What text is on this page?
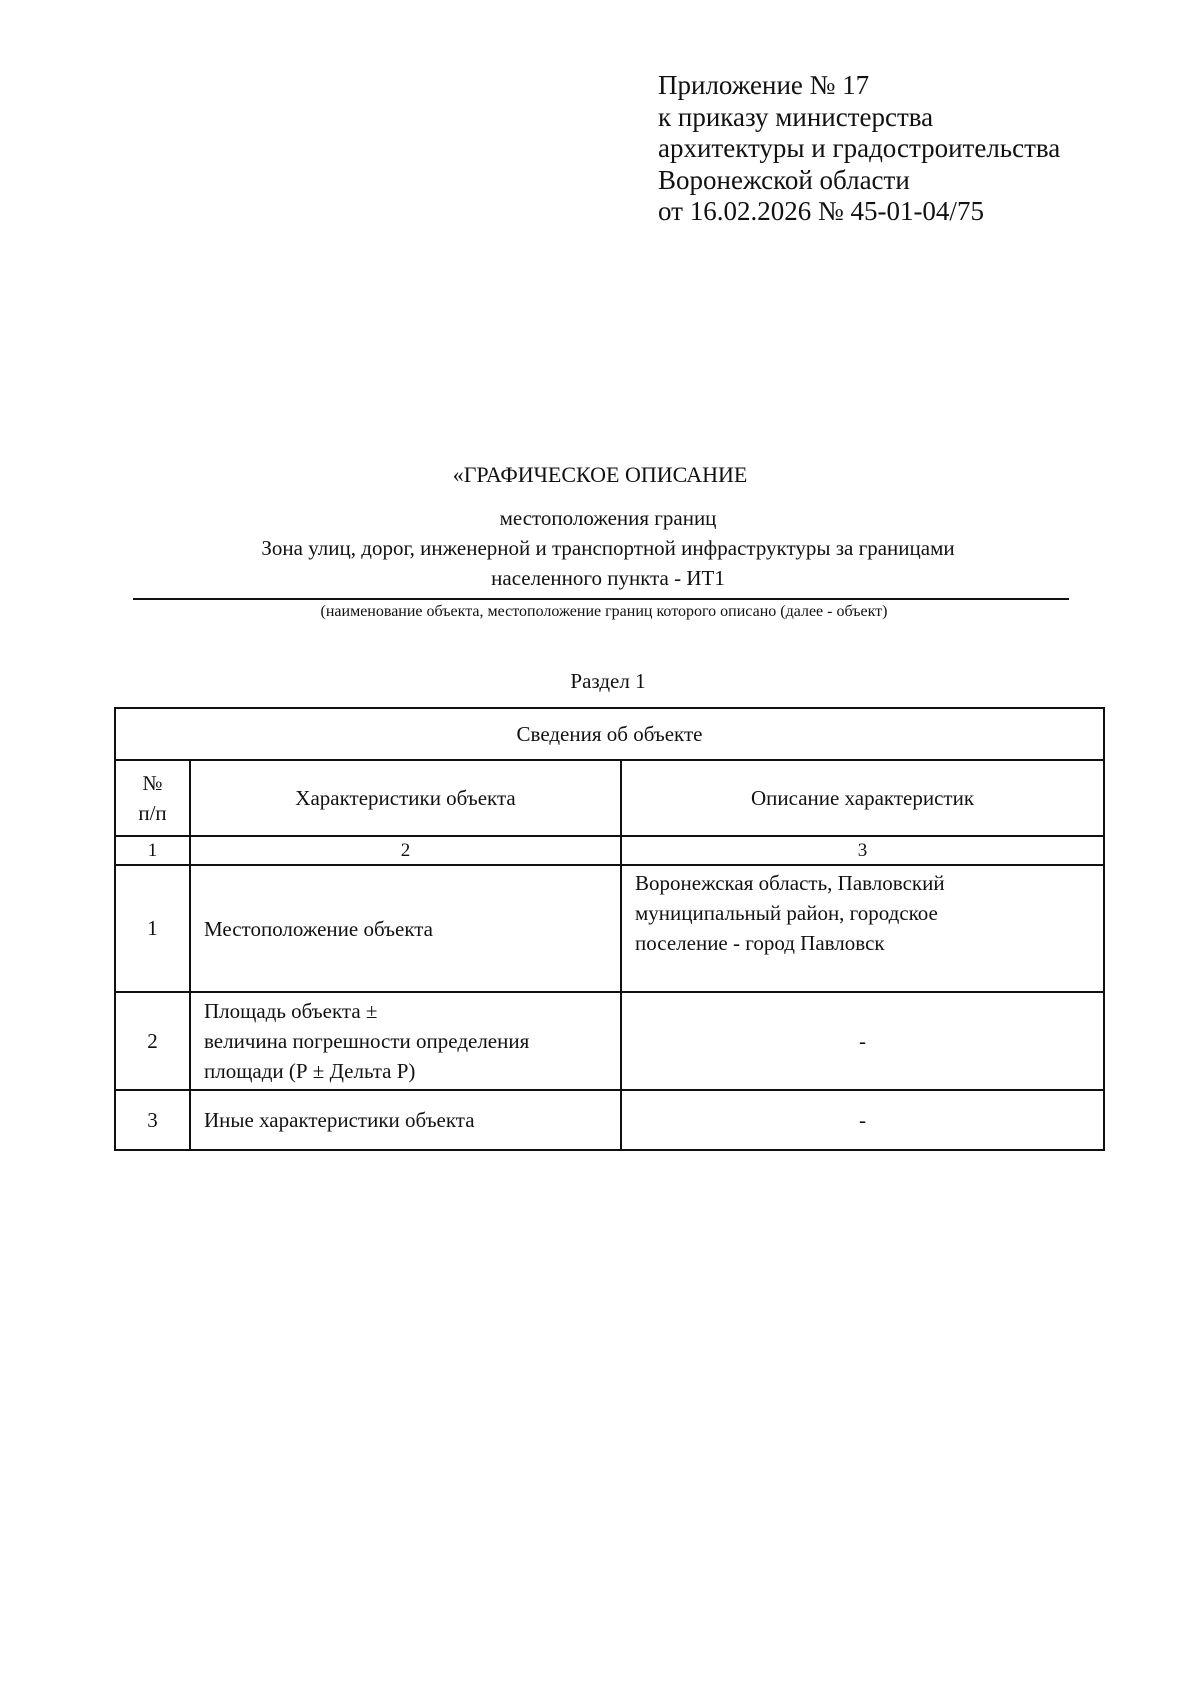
Приложение № 17
к приказу министерства
архитектуры и градостроительства
Воронежской области
от 16.02.2026 № 45-01-04/75
«ГРАФИЧЕСКОЕ ОПИСАНИЕ
местоположения границ
Зона улиц, дорог, инженерной и транспортной инфраструктуры за границами
населенного пункта - ИТ1
(наименование объекта, местоположение границ которого описано (далее - объект)
Раздел 1
Сведения об объекте		

№
п/п	Характеристики объекта	Описание характеристик
1	2	3
1	Местоположение объекта	Воронежская область, Павловский
муниципальный район, городское
поселение - город Павловск

2	Площадь объекта ±
величина погрешности определения
площади (Р ± Дельта Р)	-
3	Иные характеристики объекта	-
